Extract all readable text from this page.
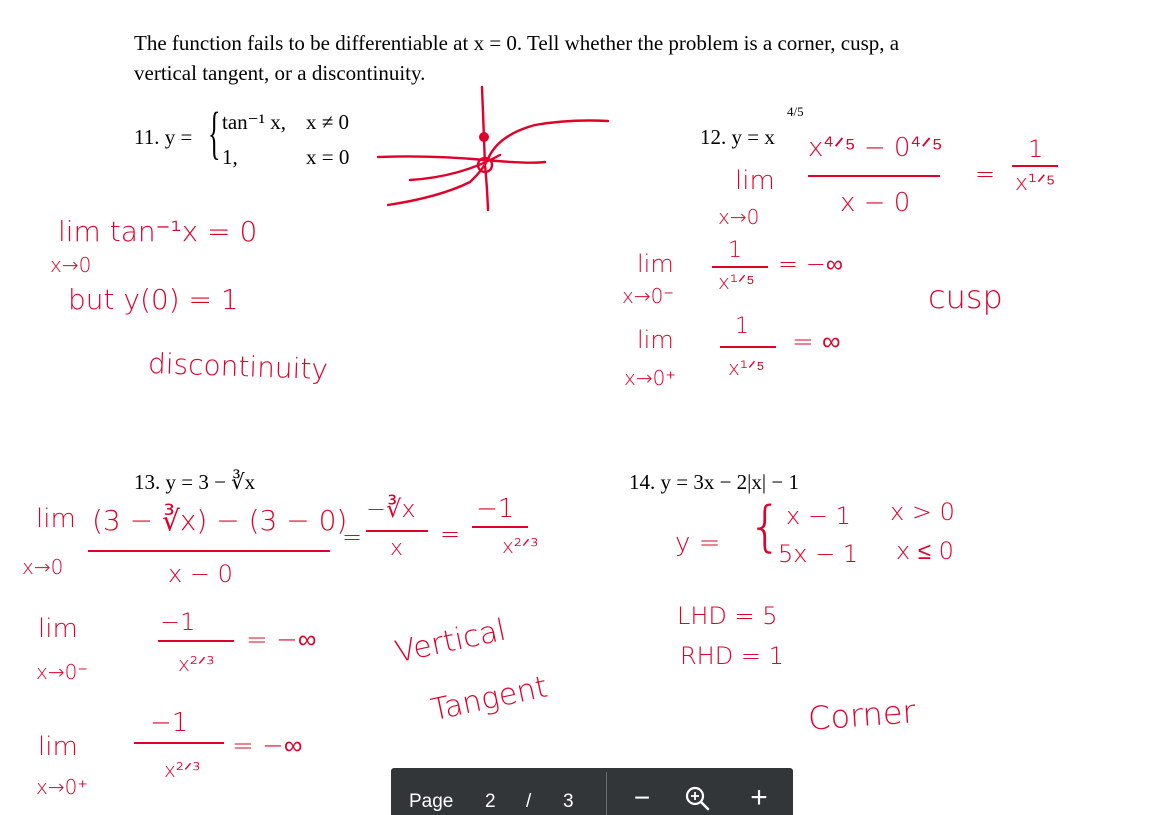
The function fails to be differentiable at x = 0. Tell whether the problem is a corner, cusp, a
vertical tangent, or a discontinuity.
11. y = { tan⁻¹ x, x ≠ 0
1,	x = 0
lim tan⁻¹x = 0
x→0
but y(0) = 1
discontinuity
12. y = x
4/5
x⁴ᐟ⁵ − 0⁴ᐟ⁵
x − 0
lim
x→0
=
1
x¹ᐟ⁵
lim
x→0⁻
1
x¹ᐟ⁵
= −∞
lim
x→0⁺
1
x¹ᐟ⁵
= ∞
cusp
13. y = 3 − ∛x
lim
x→0
(3 − ∛x) − (3 − 0)
x − 0
=
−∛x
x
=
−1
x²ᐟ³
lim
x→0⁻
−1
x²ᐟ³
= −∞
lim
x→0⁺
−1
x²ᐟ³
= −∞
Vertical
Tangent
14. y = 3x − 2|x| − 1
y = { x − 1
5x − 1
x > 0
x ≤ 0
LHD = 5
RHD = 1
Corner
Page 2 / 3 −	+
